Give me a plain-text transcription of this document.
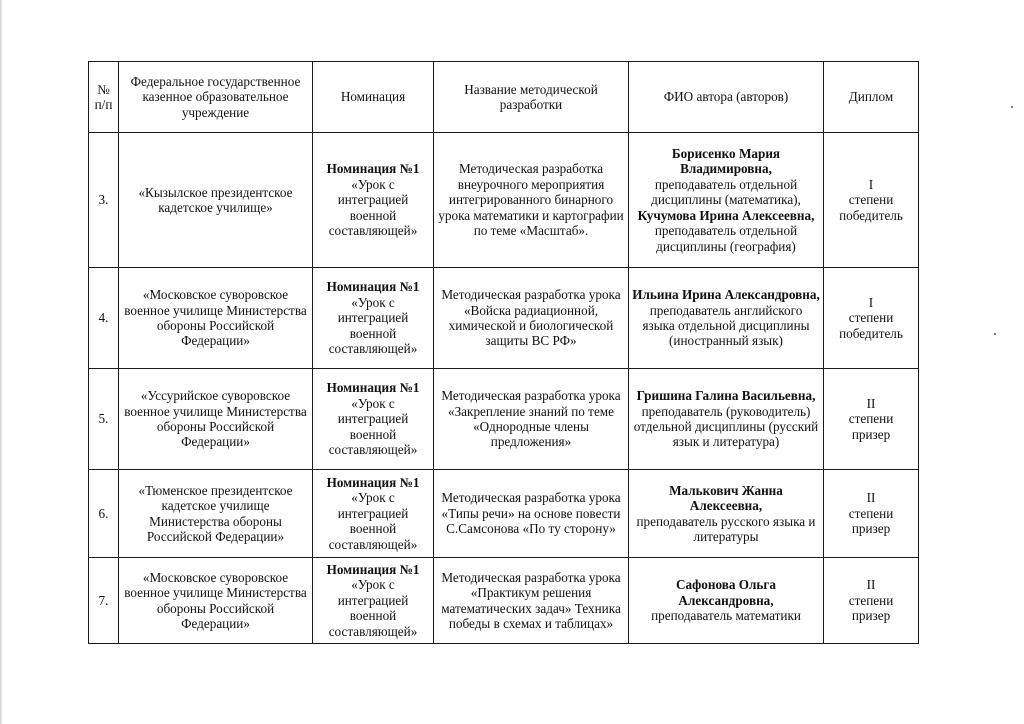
№ п/п	Федеральное государственное казенное образовательное учреждение	Номинация	Название методической разработки	ФИО автора (авторов)	Диплом
3.	«Кызылское президентское кадетское училище»	Номинация №1
«Урок с интеграцией военной составляющей»	Методическая разработка внеурочного мероприятия интегрированного бинарного урока математики и картографии
по теме «Масштаб».	Борисенко Мария Владимировна,
преподаватель отдельной дисциплины (математика),
Кучумова Ирина Алексеевна,
преподаватель отдельной дисциплины (география)	I
степени
победитель

4.	«Московское суворовское военное училище Министерства обороны Российской Федерации»	Номинация №1
«Урок с интеграцией военной составляющей»	Методическая разработка урока «Войска радиационной, химической и биологической защиты ВС РФ»	Ильина Ирина Александровна,
преподаватель английского языка отдельной дисциплины (иностранный язык)	I
степени
победитель

5.	«Уссурийское суворовское военное училище Министерства обороны Российской Федерации»	Номинация №1
«Урок с интеграцией военной составляющей»	Методическая разработка урока «Закрепление знаний по теме «Однородные члены предложения»	Гришина Галина Васильевна,
преподаватель (руководитель) отдельной дисциплины (русский язык и литература)	II
степени
призер

6.	«Тюменское президентское кадетское училище Министерства обороны Российской Федерации»	Номинация №1
«Урок с интеграцией военной составляющей»	Методическая разработка урока «Типы речи» на основе повести С.Самсонова «По ту сторону»	Малькович Жанна Алексеевна,
преподаватель русского языка и литературы	II
степени
призер

7.	«Московское суворовское военное училище Министерства обороны Российской Федерации»	Номинация №1
«Урок с интеграцией военной составляющей»	Методическая разработка урока «Практикум решения математических задач» Техника победы в схемах и таблицах»	Сафонова Ольга Александровна,
преподаватель математики	II
степени
призер
